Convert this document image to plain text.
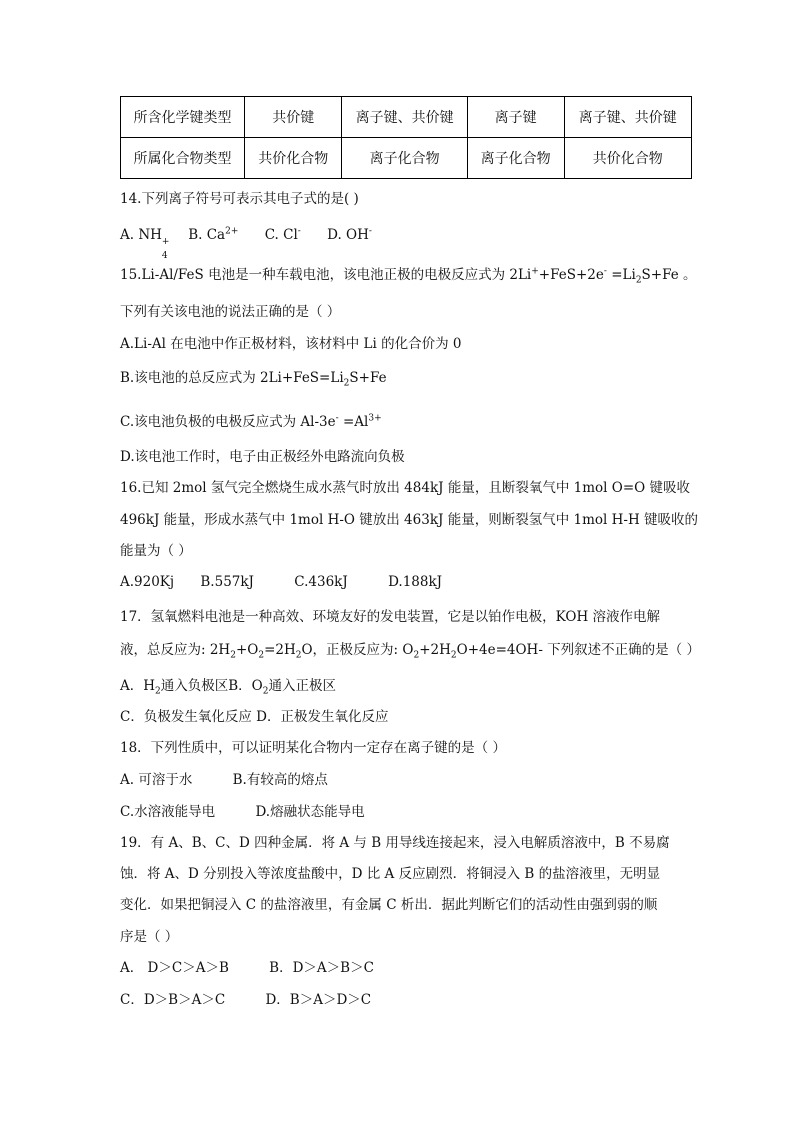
所含化学键类型	共价键	离子键、共价键	离子键	离子键、共价键
所属化合物类型	共价化合物	离子化合物	离子化合物	共价化合物
14.下列离子符号可表示其电子式的是( )
A. NH +
4
B. $Ca^{2+}$ C. Cl- D. OH-
15.Li-Al/FeS 电池是一种车载电池，该电池正极的电极反应式为 $2Li^++FeS+2e^- =Li_2S+Fe$ 。
下列有关该电池的说法正确的是（ ）
A.Li-Al 在电池中作正极材料，该材料中 Li 的化合价为 0
B.该电池的总反应式为 $2Li+FeS=Li_2S+Fe$
C.该电池负极的电极反应式为 $Al-3e^- =Al^{3+}$
D.该电池工作时，电子由正极经外电路流向负极
16.已知 2mol 氢气完全燃烧生成水蒸气时放出 484kJ 能量，且断裂氧气中 1mol O=O 键吸收
496kJ 能量，形成水蒸气中 1mol H-O 键放出 463kJ 能量，则断裂氢气中 1mol H-H 键吸收的
能量为（ ）
A.920Kj B.557kJ	C.436kJ	D.188kJ
17．氢氧燃料电池是一种高效、环境友好的发电装置，它是以铂作电极，KOH 溶液作电解
液，总反应为: $2H_2+O_2=2H_2O$，正极反应为: $O_2+2H_2O+4e=4OH-$ 下列叙述不正确的是（ ）
A．$H_2$通入负极区B．$O_2$通入正极区
C．负极发生氧化反应 D．正极发生氧化反应
18．下列性质中，可以证明某化合物内一定存在离子键的是（ ）
A. 可溶于水	B.有较高的熔点
C.水溶液能导电	D.熔融状态能导电
19．有 A、B、C、D 四种金属．将 A 与 B 用导线连接起来，浸入电解质溶液中，B 不易腐
蚀．将 A、D 分别投入等浓度盐酸中，D 比 A 反应剧烈．将铜浸入 B 的盐溶液里，无明显
变化．如果把铜浸入 C 的盐溶液里，有金属 C 析出．据此判断它们的活动性由强到弱的顺
序是（ ）
A． D＞C＞A＞B	B．D＞A＞B＞C
C．D＞B＞A＞C	D．B＞A＞D＞C
